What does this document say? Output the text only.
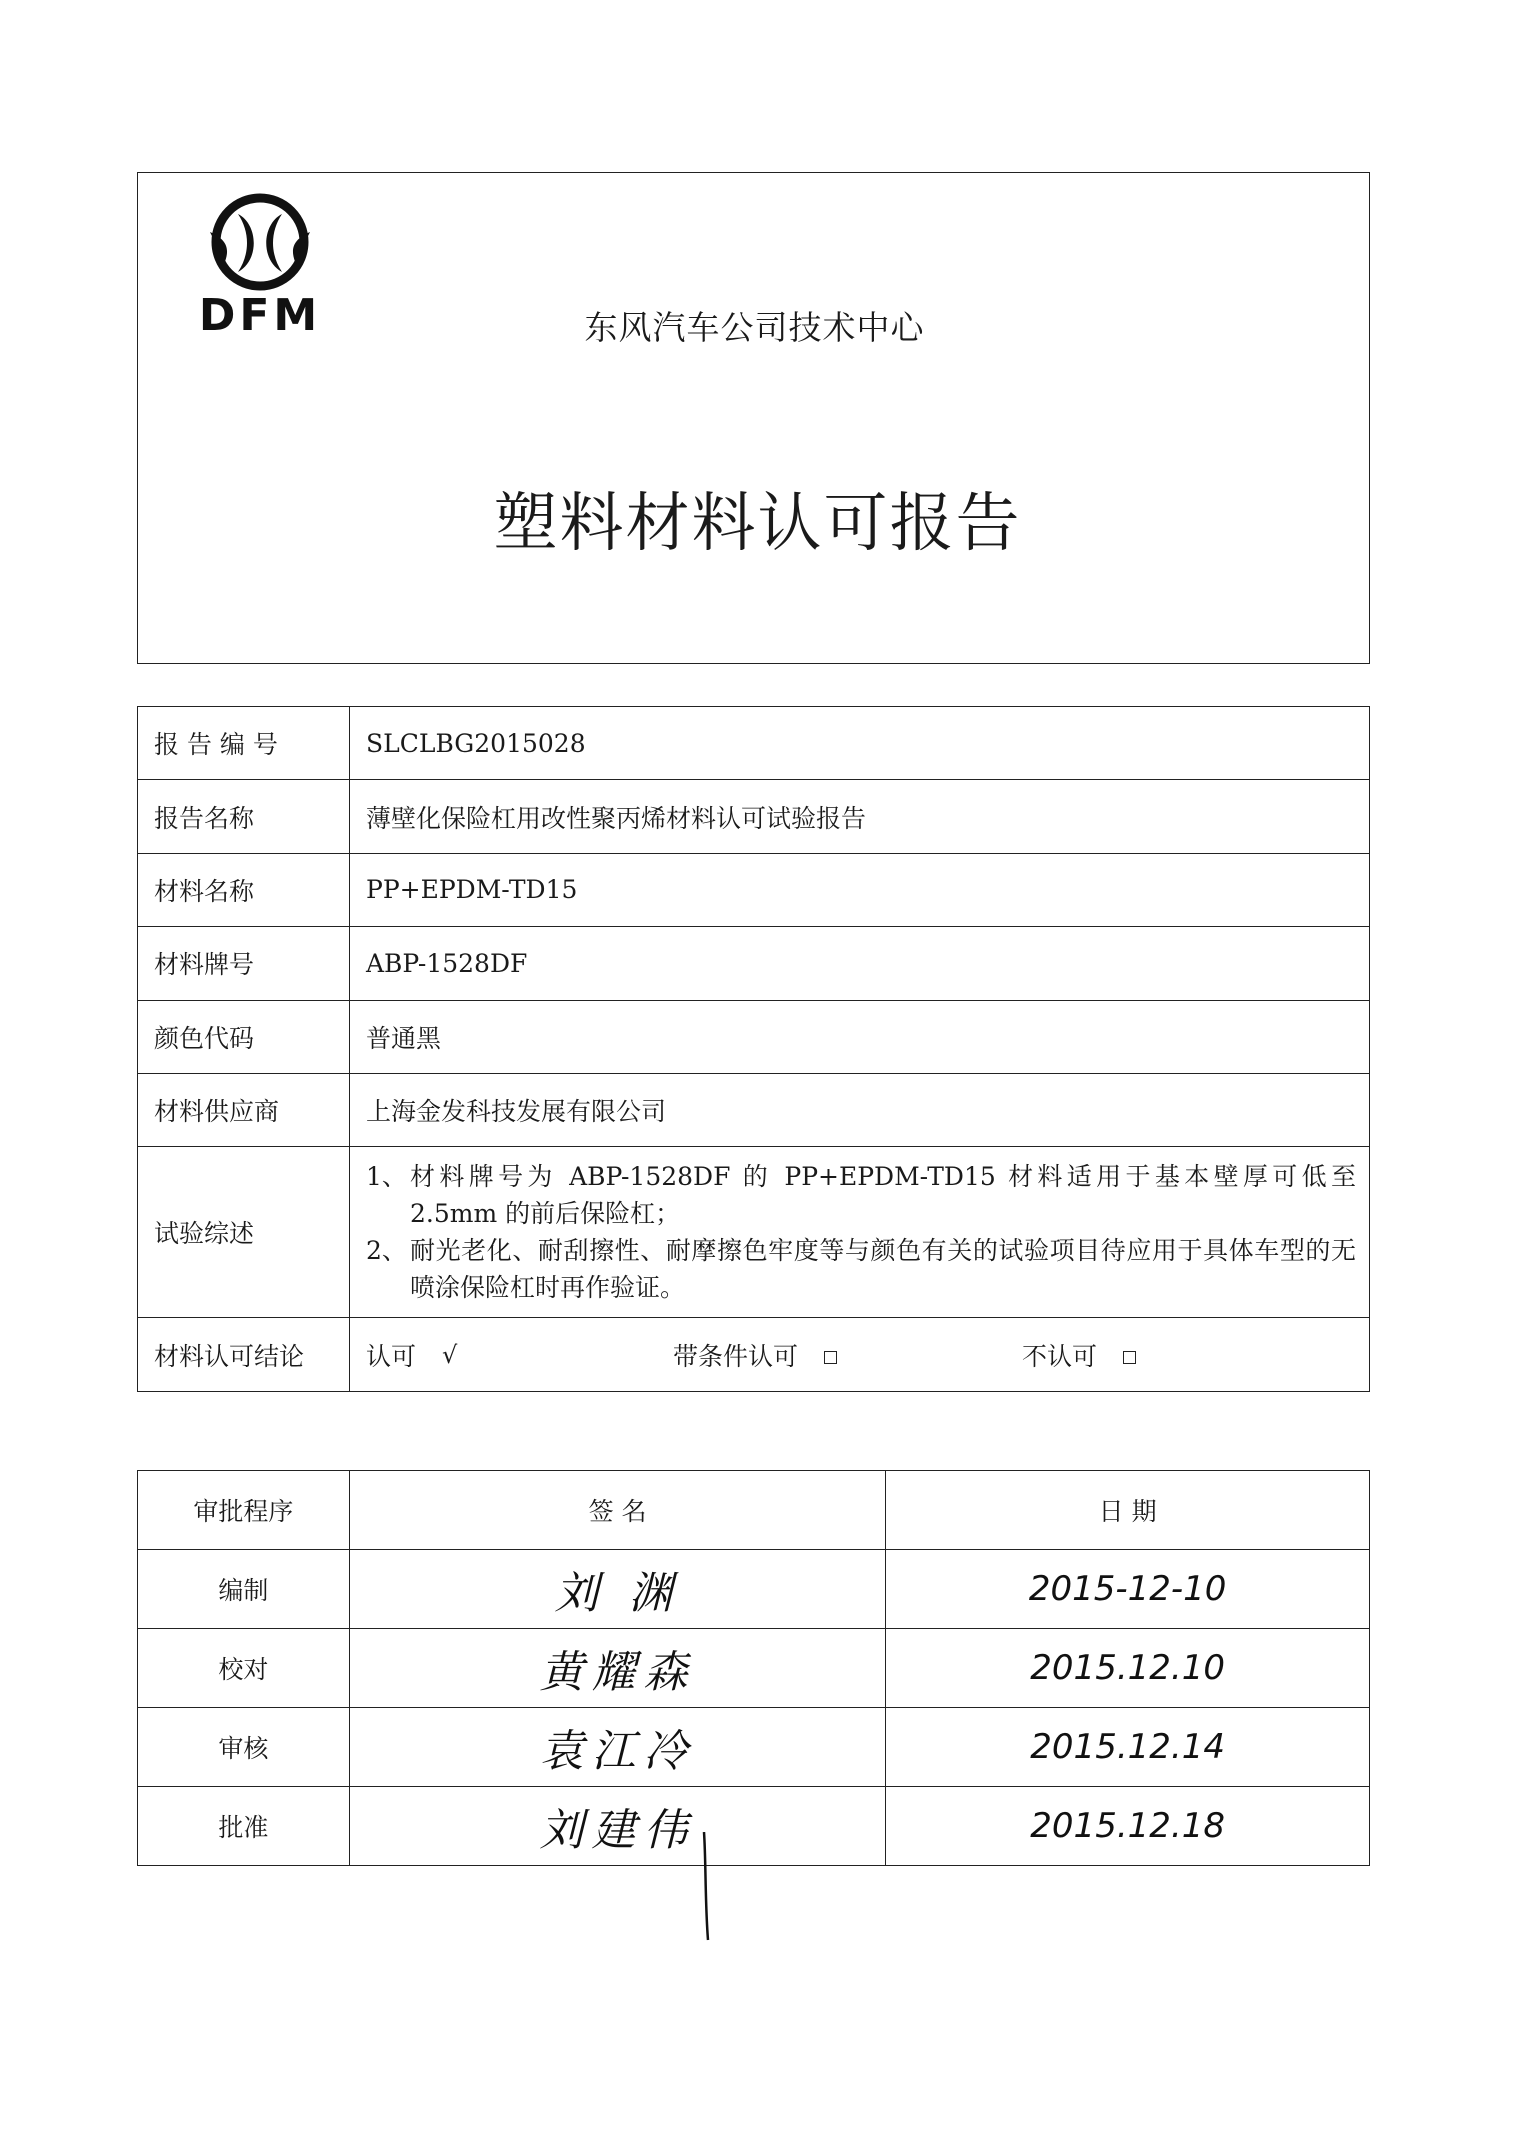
DFM	东风汽车公司技术中心
塑料材料认可报告
报 告 编 号	SLCLBG2015028
报告名称	薄壁化保险杠用改性聚丙烯材料认可试验报告
材料名称	PP+EPDM-TD15
材料牌号	ABP-1528DF
颜色代码	普通黑
材料供应商	上海金发科技发展有限公司
试验综述	1、 材料牌号为 ABP-1528DF 的 PP+EPDM-TD15 材料适用于基本壁厚可低至 2.5mm 的前后保险杠；
2、 耐光老化、耐刮擦性、耐摩擦色牢度等与颜色有关的试验项目待应用于具体车型的无喷涂保险杠时再作验证。

材料认可结论	认可 √ 带条件认可 不认可
审批程序	签 名	日 期
编制	刘 渊	2015-12-10
校对	黄耀森	2015.12.10
审核	袁江冷	2015.12.14
批准	刘建伟	2015.12.18
